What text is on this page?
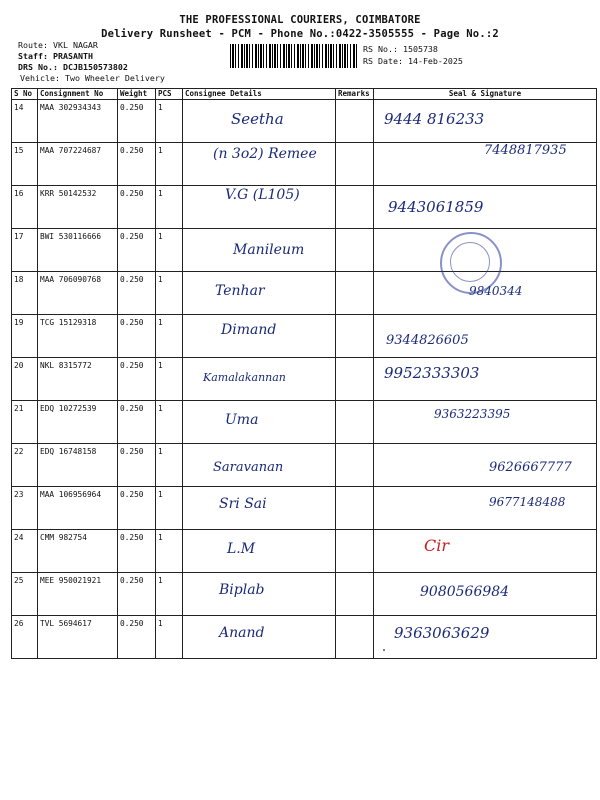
THE PROFESSIONAL COURIERS, COIMBATORE
Delivery Runsheet - PCM - Phone No.:0422-3505555 - Page No.:2
Route: VKL NAGAR
Staff: PRASANTH
DRS No.: DCJB150573802
Vehicle: Two Wheeler Delivery
RS No.: 1505738
RS Date: 14-Feb-2025
S No	Consignment No	Weight	PCS	Consignee Details	Remarks	Seal & Signature
14	MAA 302934343	0.250	1	Seetha		9444 816233

15	MAA 707224687	0.250	1	(n 3o2) Remee		7448817935

16	KRR 50142532	0.250	1	V.G (L105)		9443061859

17	BWI 530116666	0.250	1	Manileum		

18	MAA 706090768	0.250	1	Tenhar		9840344

19	TCG 15129318	0.250	1	Dimand		9344826605

20	NKL 8315772	0.250	1	Kamalakannan		9952333303

21	EDQ 10272539	0.250	1	Uma		9363223395

22	EDQ 16748158	0.250	1	Saravanan		9626667777

23	MAA 106956964	0.250	1	Sri Sai		9677148488

24	CMM 982754	0.250	1	L.M		Cir

25	MEE 950021921	0.250	1	Biplab		9080566984

26	TVL 5694617	0.250	1	Anand		9363063629
